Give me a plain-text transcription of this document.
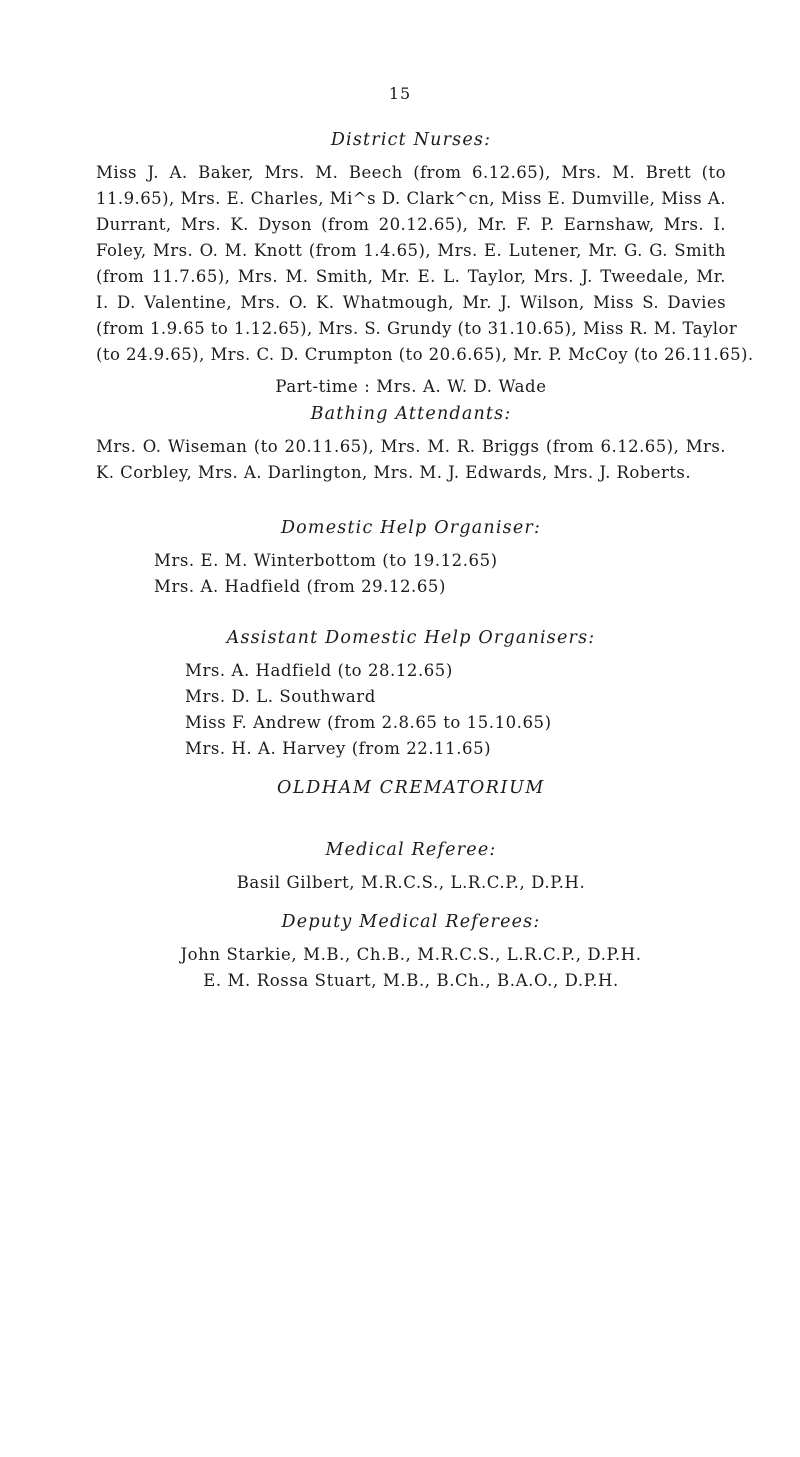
15
District Nurses:
Miss J. A. Baker, Mrs. M. Beech (from 6.12.65), Mrs. M. Brett (to
11.9.65), Mrs. E. Charles, Mi^s D. Clark^cn, Miss E. Dumville, Miss A.
Durrant, Mrs. K. Dyson (from 20.12.65), Mr. F. P. Earnshaw, Mrs. I.
Foley, Mrs. O. M. Knott (from 1.4.65), Mrs. E. Lutener, Mr. G. G. Smith
(from 11.7.65), Mrs. M. Smith, Mr. E. L. Taylor, Mrs. J. Tweedale, Mr.
I. D. Valentine, Mrs. O. K. Whatmough, Mr. J. Wilson, Miss S. Davies
(from 1.9.65 to 1.12.65), Mrs. S. Grundy (to 31.10.65), Miss R. M. Taylor
(to 24.9.65), Mrs. C. D. Crumpton (to 20.6.65), Mr. P. McCoy (to 26.11.65).
Part-time : Mrs. A. W. D. Wade
Bathing Attendants:
Mrs. O. Wiseman (to 20.11.65), Mrs. M. R. Briggs (from 6.12.65), Mrs.
K. Corbley, Mrs. A. Darlington, Mrs. M. J. Edwards, Mrs. J. Roberts.
Domestic Help Organiser:
Mrs. E. M. Winterbottom (to 19.12.65)
Mrs. A. Hadfield (from 29.12.65)
Assistant Domestic Help Organisers:
Mrs. A. Hadfield (to 28.12.65)
Mrs. D. L. Southward
Miss F. Andrew (from 2.8.65 to 15.10.65)
Mrs. H. A. Harvey (from 22.11.65)
OLDHAM CREMATORIUM
Medical Referee:
Basil Gilbert, M.R.C.S., L.R.C.P., D.P.H.
Deputy Medical Referees:
John Starkie, M.B., Ch.B., M.R.C.S., L.R.C.P., D.P.H.
E. M. Rossa Stuart, M.B., B.Ch., B.A.O., D.P.H.
